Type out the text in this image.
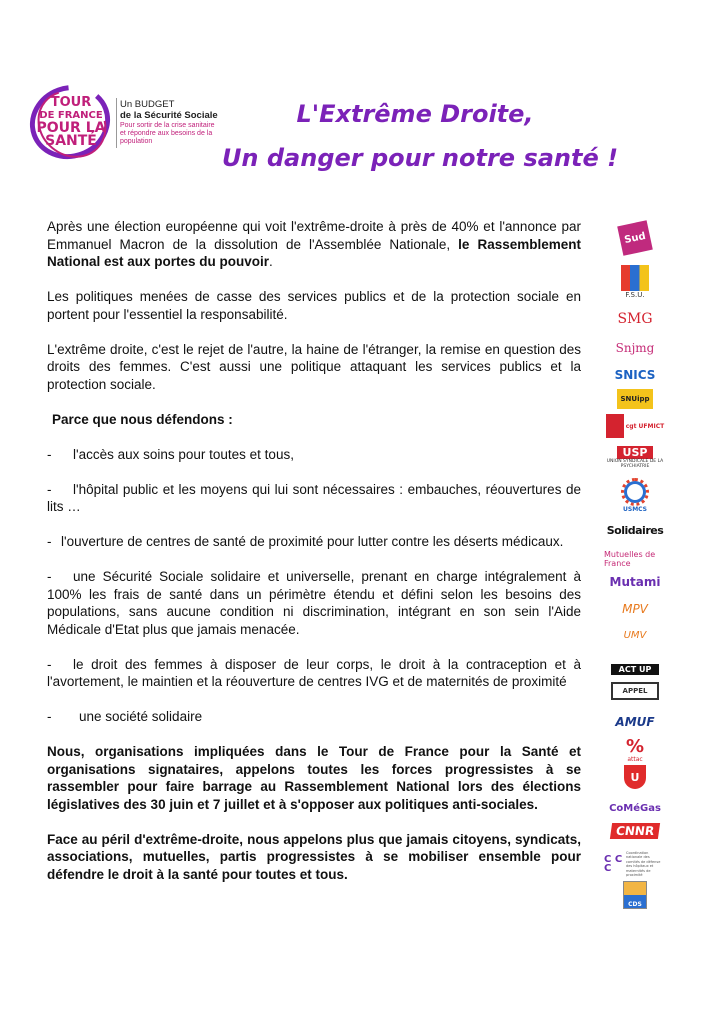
TOUR
DE FRANCE
POUR LA SANTÉ
Un BUDGET
de la Sécurité Sociale
Pour sortir de la crise sanitaire et répondre aux besoins de la population
L'Extrême Droite,
Un danger pour notre santé !

Après une élection européenne qui voit l'extrême-droite à près de 40% et l'annonce par Emmanuel Macron de la dissolution de l'Assemblée Nationale, le Rassemblement National est aux portes du pouvoir.

Les politiques menées de casse des services publics et de la protection sociale en portent pour l'essentiel la responsabilité.

L'extrême droite, c'est le rejet de l'autre, la haine de l'étranger, la remise en question des droits des femmes. C'est aussi une politique attaquant les services publics et la protection sociale.

Parce que nous défendons :

- l'accès aux soins pour toutes et tous,

- l'hôpital public et les moyens qui lui sont nécessaires : embauches, réouvertures de lits …

- l'ouverture de centres de santé de proximité pour lutter contre les déserts médicaux.

- une Sécurité Sociale solidaire et universelle, prenant en charge intégralement à 100% les frais de santé dans un périmètre étendu et défini selon les besoins des populations, sans aucune condition ni discrimination, intégrant en son sein l'Aide Médicale d'Etat plus que jamais menacée.

- le droit des femmes à disposer de leur corps, le droit à la contraception et à l'avortement, le maintien et la réouverture de centres IVG et de maternités de proximité

- une société solidaire

Nous, organisations impliquées dans le Tour de France pour la Santé et organisations signataires, appelons toutes les forces progressistes à se rassembler pour faire barrage au Rassemblement National lors des élections législatives des 30 juin et 7 juillet et à s'opposer aux politiques anti-sociales.

Face au péril d'extrême-droite, nous appelons plus que jamais citoyens, syndicats, associations, mutuelles, partis progressistes à se mobiliser ensemble pour défendre le droit à la santé pour toutes et tous.

Sud
F.S.U.
SMG
Snjmg
SNICS
SNUipp
cgt UFMICT
USP
UNION SYNDICALE DE LA PSYCHIATRIE
USMCS
Solidaires
Mutuelles de France
Mutami
MPV
UMV
ACT UP
APPEL
AMUF
%
attac
U
CoMéGas
CNNR
C C C
Coordination nationale des comités de défense des hôpitaux et maternités de proximité
CDS
